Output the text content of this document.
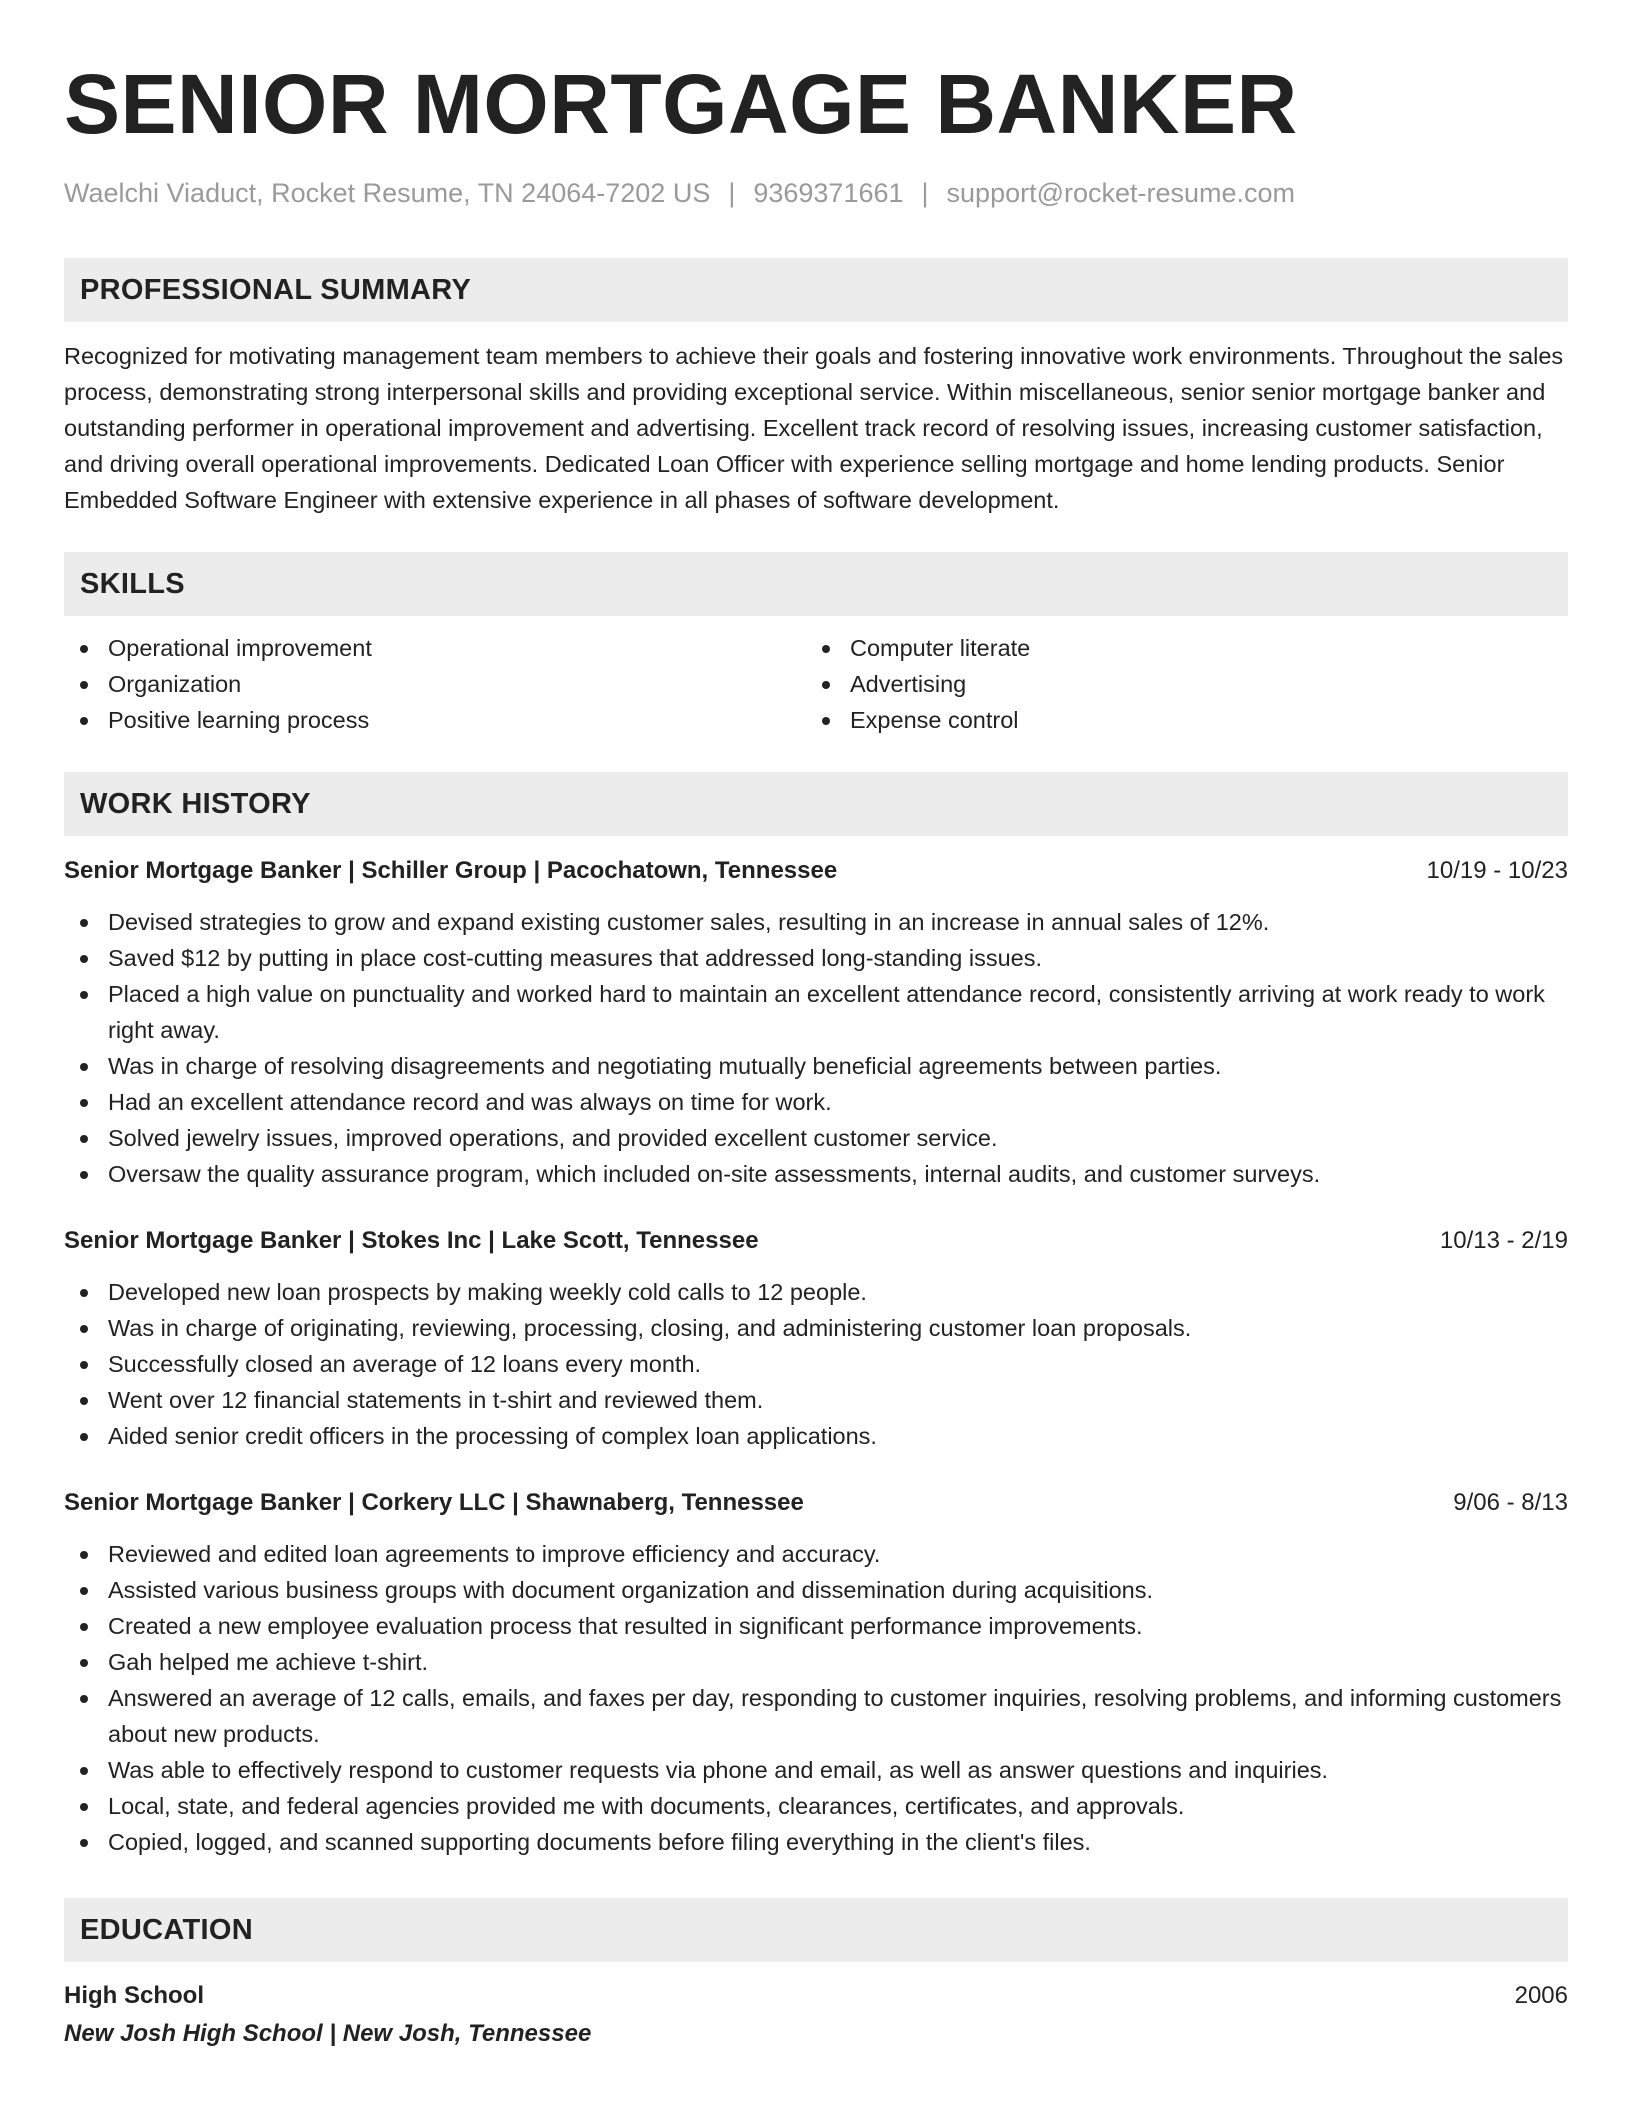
SENIOR MORTGAGE BANKER
Waelchi Viaduct, Rocket Resume, TN 24064-7202 US | 9369371661 | support@rocket-resume.com
PROFESSIONAL SUMMARY

Recognized for motivating management team members to achieve their goals and fostering innovative work environments. Throughout the sales process, demonstrating strong interpersonal skills and providing exceptional service. Within miscellaneous, senior senior mortgage banker and outstanding performer in operational improvement and advertising. Excellent track record of resolving issues, increasing customer satisfaction, and driving overall operational improvements. Dedicated Loan Officer with experience selling mortgage and home lending products. Senior Embedded Software Engineer with extensive experience in all phases of software development.

SKILLS
Operational improvement
Organization
Positive learning process
Computer literate
Advertising
Expense control
WORK HISTORY
Senior Mortgage Banker | Schiller Group | Pacochatown, Tennessee	10/19 - 10/23
Devised strategies to grow and expand existing customer sales, resulting in an increase in annual sales of 12%.
Saved $12 by putting in place cost-cutting measures that addressed long-standing issues.
Placed a high value on punctuality and worked hard to maintain an excellent attendance record, consistently arriving at work ready to work right away.
Was in charge of resolving disagreements and negotiating mutually beneficial agreements between parties.
Had an excellent attendance record and was always on time for work.
Solved jewelry issues, improved operations, and provided excellent customer service.
Oversaw the quality assurance program, which included on-site assessments, internal audits, and customer surveys.
Senior Mortgage Banker | Stokes Inc | Lake Scott, Tennessee	10/13 - 2/19
Developed new loan prospects by making weekly cold calls to 12 people.
Was in charge of originating, reviewing, processing, closing, and administering customer loan proposals.
Successfully closed an average of 12 loans every month.
Went over 12 financial statements in t-shirt and reviewed them.
Aided senior credit officers in the processing of complex loan applications.
Senior Mortgage Banker | Corkery LLC | Shawnaberg, Tennessee	9/06 - 8/13
Reviewed and edited loan agreements to improve efficiency and accuracy.
Assisted various business groups with document organization and dissemination during acquisitions.
Created a new employee evaluation process that resulted in significant performance improvements.
Gah helped me achieve t-shirt.
Answered an average of 12 calls, emails, and faxes per day, responding to customer inquiries, resolving problems, and informing customers about new products.
Was able to effectively respond to customer requests via phone and email, as well as answer questions and inquiries.
Local, state, and federal agencies provided me with documents, clearances, certificates, and approvals.
Copied, logged, and scanned supporting documents before filing everything in the client's files.
EDUCATION
High School	2006
New Josh High School | New Josh, Tennessee
